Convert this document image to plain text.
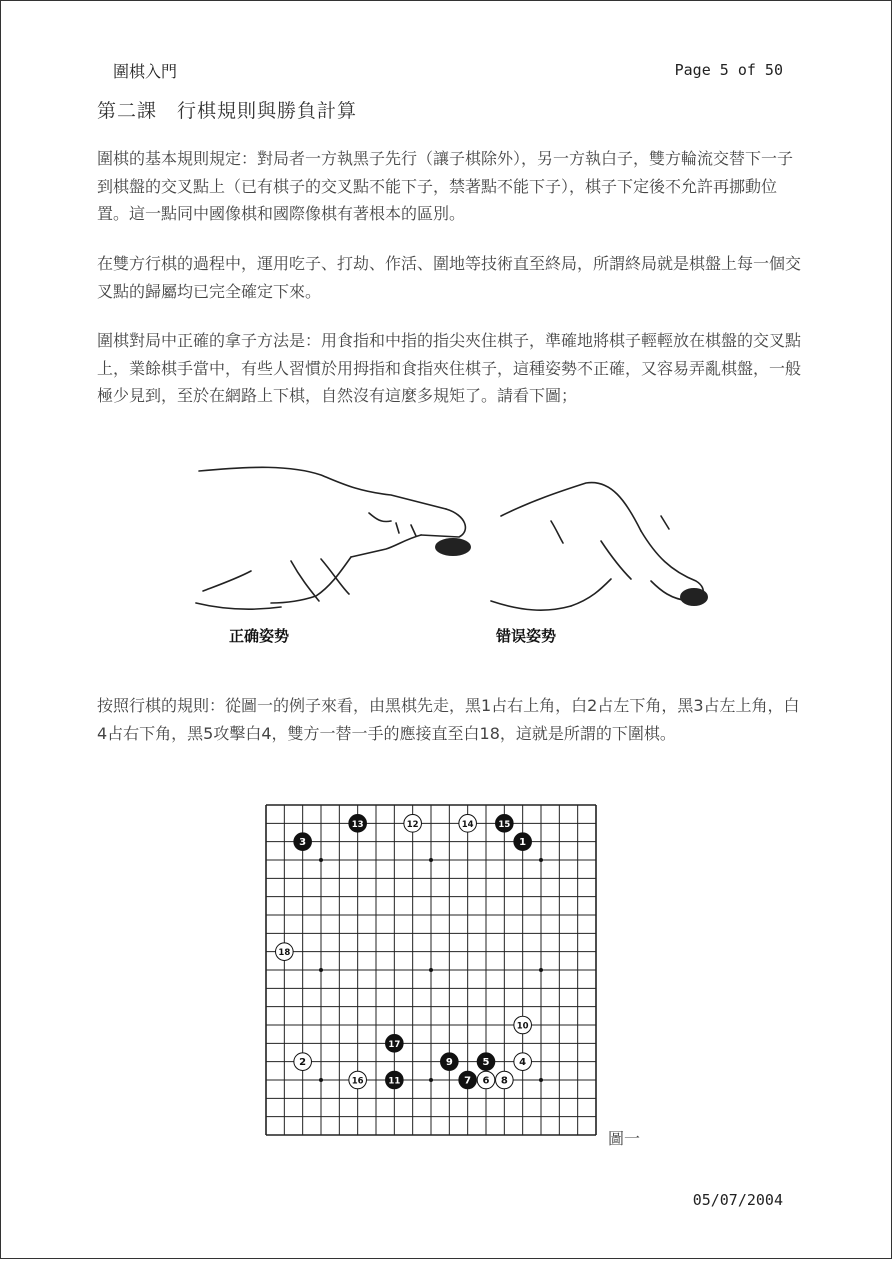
圍棋入門	Page 5 of 50
第二課　行棋規則與勝負計算

圍棋的基本規則規定：對局者一方執黑子先行（讓子棋除外），另一方執白子，雙方輪流交替下一子到棋盤的交叉點上（已有棋子的交叉點不能下子，禁著點不能下子），棋子下定後不允許再挪動位置。這一點同中國像棋和國際像棋有著根本的區別。

在雙方行棋的過程中，運用吃子、打劫、作活、圍地等技術直至終局，所謂終局就是棋盤上每一個交叉點的歸屬均已完全確定下來。

圍棋對局中正確的拿子方法是：用食指和中指的指尖夾住棋子，準確地將棋子輕輕放在棋盤的交叉點上，業餘棋手當中，有些人習慣於用拇指和食指夾住棋子，這種姿勢不正確，又容易弄亂棋盤，一般極少見到，至於在網路上下棋，自然沒有這麼多規矩了。請看下圖；

正确姿势	错误姿势

按照行棋的規則：從圖一的例子來看，由黑棋先走，黑1占右上角，白2占左下角，黑3占左上角，白4占右下角，黑5攻擊白4，雙方一替一手的應接直至白18，這就是所謂的下圍棋。

1
2
3
4
5
6
7	8
9
10
11
12
13	14	15
16
17
18
圖一
05/07/2004
